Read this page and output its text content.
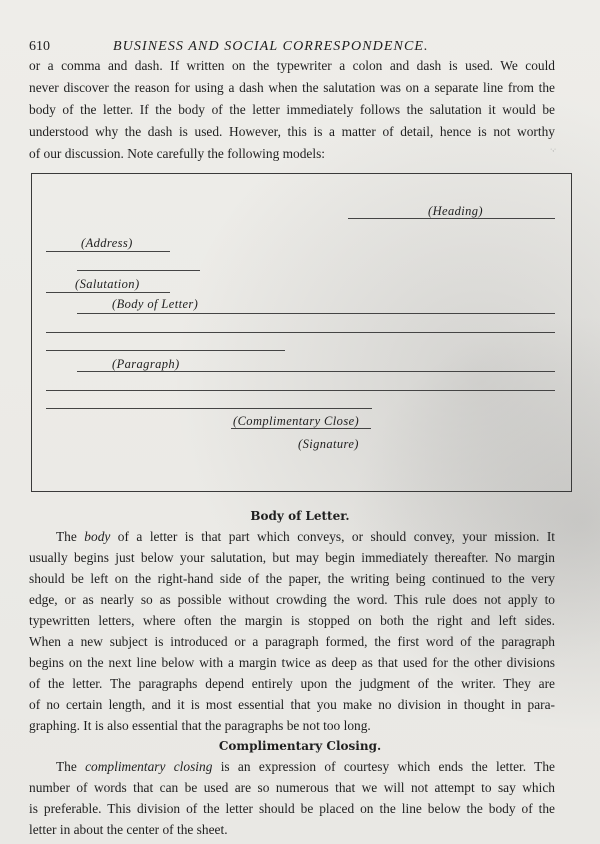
610	BUSINESS AND SOCIAL CORRESPONDENCE.
or a comma and dash. If written on the typewriter a colon and dash is used. We could
never discover the reason for using a dash when the salutation was on a separate line from the
body of the letter. If the body of the letter immediately follows the salutation it would be
understood why the dash is used. However, this is a matter of detail, hence is not worthy
of our discussion. Note carefully the following models:	·‚·
(Heading)
(Address)
(Salutation)
(Body of Letter)
(Paragraph)
(Complimentary Close)
(Signature)
Body of Letter.
The body of a letter is that part which conveys, or should convey, your mission. It
usually begins just below your salutation, but may begin immediately thereafter. No margin
should be left on the right-hand side of the paper, the writing being continued to the very
edge, or as nearly so as possible without crowding the word. This rule does not apply to
typewritten letters, where often the margin is stopped on both the right and left sides.
When a new subject is introduced or a paragraph formed, the first word of the paragraph
begins on the next line below with a margin twice as deep as that used for the other divisions
of the letter. The paragraphs depend entirely upon the judgment of the writer. They are
of no certain length, and it is most essential that you make no division in thought in para-
graphing. It is also essential that the paragraphs be not too long.
Complimentary Closing.
The complimentary closing is an expression of courtesy which ends the letter. The
number of words that can be used are so numerous that we will not attempt to say which
is preferable. This division of the letter should be placed on the line below the body of the
letter in about the center of the sheet.
